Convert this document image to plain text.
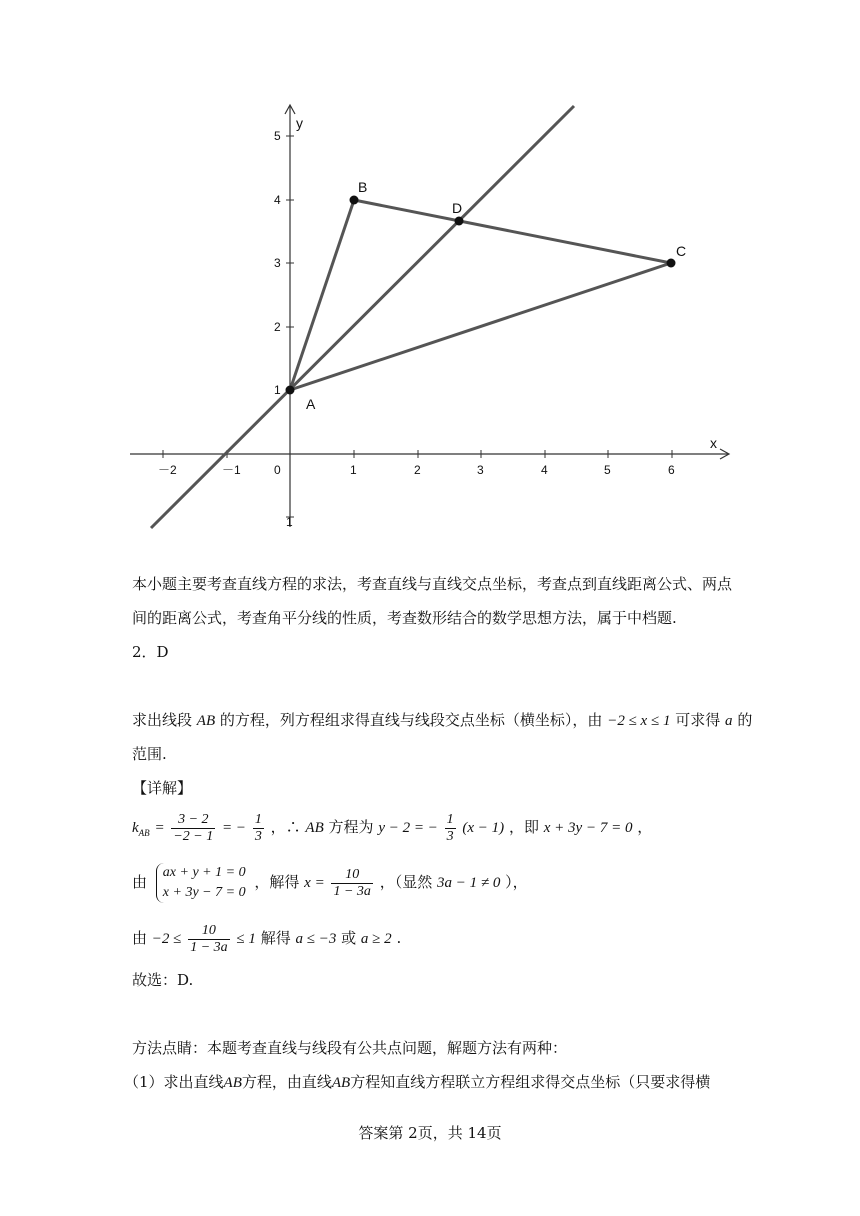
x
y
－2	－1	0	1	2	3	4	5	6
5
4
3
2
1
1
A
B
C
D
本小题主要考查直线方程的求法，考查直线与直线交点坐标，考查点到直线距离公式、两点
间的距离公式，考查角平分线的性质，考查数形结合的数学思想方法，属于中档题.
2．D
求出线段 AB 的方程，列方程组求得直线与线段交点坐标（横坐标），由 −2 ≤ x ≤ 1 可求得 a 的
范围.
【详解】
$k_{AB} = \frac{3 - 2}{-2 - 1}$ = − $\frac{1}{3}$ ，∴ AB 方程为 y − 2 = − $\frac{1}{3} (x - 1)$ ，即 x + 3y − 7 = 0 ，
由
ax + y + 1 = 0
x + 3y − 7 = 0
，解得 $x = \frac{10}{1 - 3a}$ ，（显然 3a − 1 ≠ 0 ），
由 $-2 \le \frac{10}{1 - 3a} \le 1$ 解得 a ≤ −3 或 a ≥ 2 .
故选：D.
方法点睛：本题考查直线与线段有公共点问题，解题方法有两种：
（1）求出直线AB方程，由直线AB方程知直线方程联立方程组求得交点坐标（只要求得横
答案第 2页，共 14页
